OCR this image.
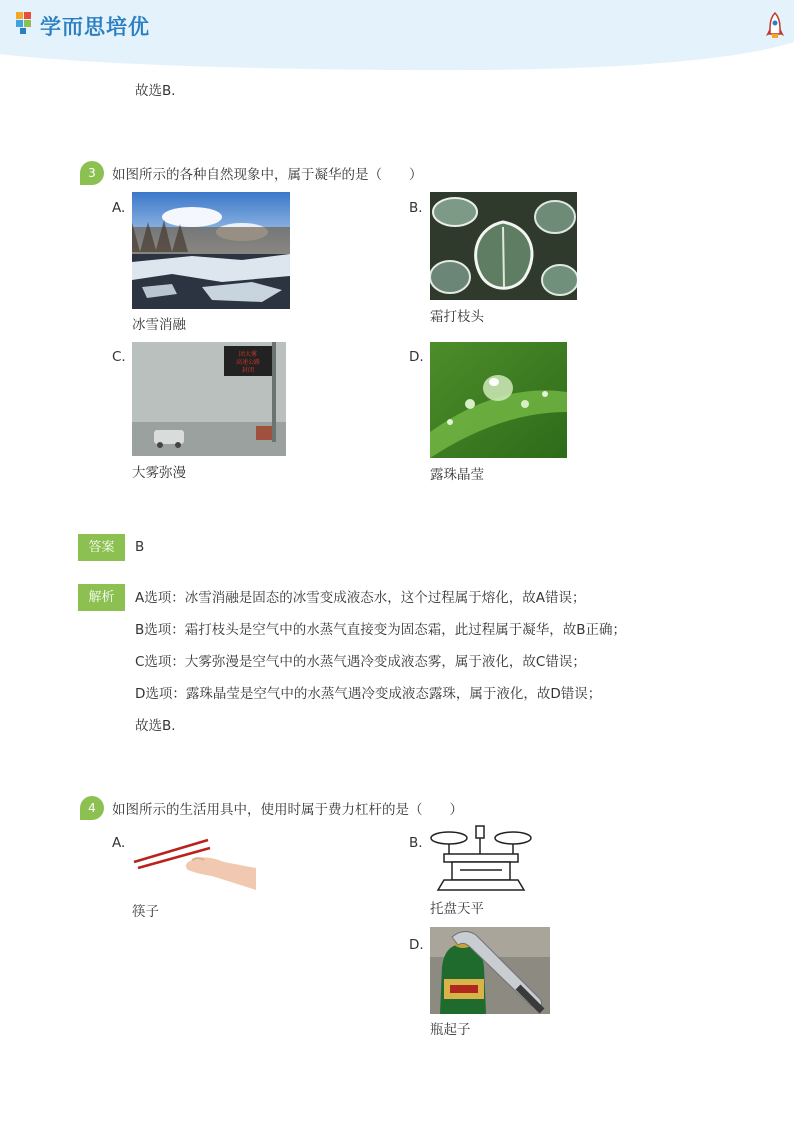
学而思培优
故选B．
3	如图所示的各种自然现象中，属于凝华的是（　　）
A.
冰雪消融
B.
霜打枝头
C.	团大雾
高速公路
封闭
大雾弥漫
D.
露珠晶莹
答案	B
解析	A选项：冰雪消融是固态的冰雪变成液态水，这个过程属于熔化，故A错误；
B选项：霜打枝头是空气中的水蒸气直接变为固态霜，此过程属于凝华，故B正确；
C选项：大雾弥漫是空气中的水蒸气遇冷变成液态雾，属于液化，故C错误；
D选项：露珠晶莹是空气中的水蒸气遇冷变成液态露珠，属于液化，故D错误；
故选B.
4	如图所示的生活用具中，使用时属于费力杠杆的是（　　）
A.
筷子
B.
托盘天平
D.
瓶起子
